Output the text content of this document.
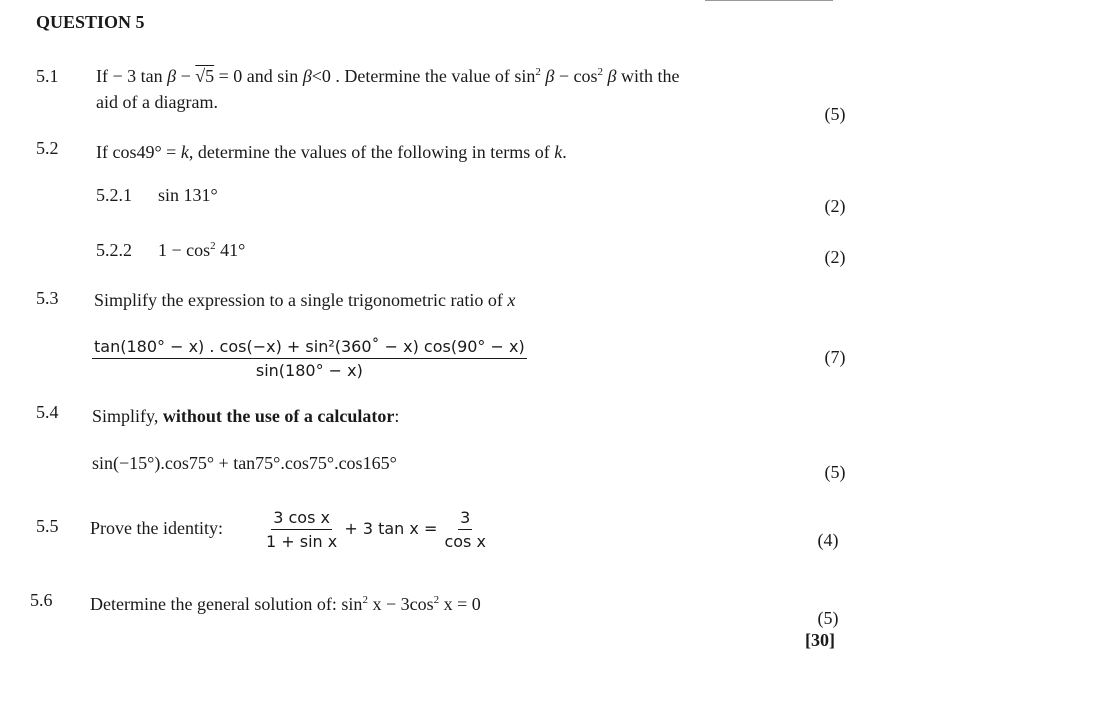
QUESTION 5
5.1 If − 3 tan β − √5 = 0 and sin β<0 . Determine the value of $\sin^2 \beta - \cos^2 \beta$ with the
aid of a diagram.
(5)
5.2 If cos49° = k, determine the values of the following in terms of k.
5.2.1 sin 131°
(2)
5.2.2 $1 - \cos^2 41^\circ$	(2)
5.3 Simplify the expression to a single trigonometric ratio of x
$\frac{\text{tan(180° − x) . cos(−x) + sin²(360˚ − x) cos(90° − x)}}{\sin(180^\circ - x)}$	(7)
5.4 Simplify, without the use of a calculator:
sin(−15°).cos75° + tan75°.cos75°.cos165°	(5)
5.5 Prove the identity:	$\frac{\text{3 cos x}}{\text{1 + sin x}} + 3$ $\tan x = \frac{3}{\text{cos x}}$	(4)
5.6 Determine the general solution of: $\sin^2 x - 3\cos^2$ x = 0
(5)
[30]
